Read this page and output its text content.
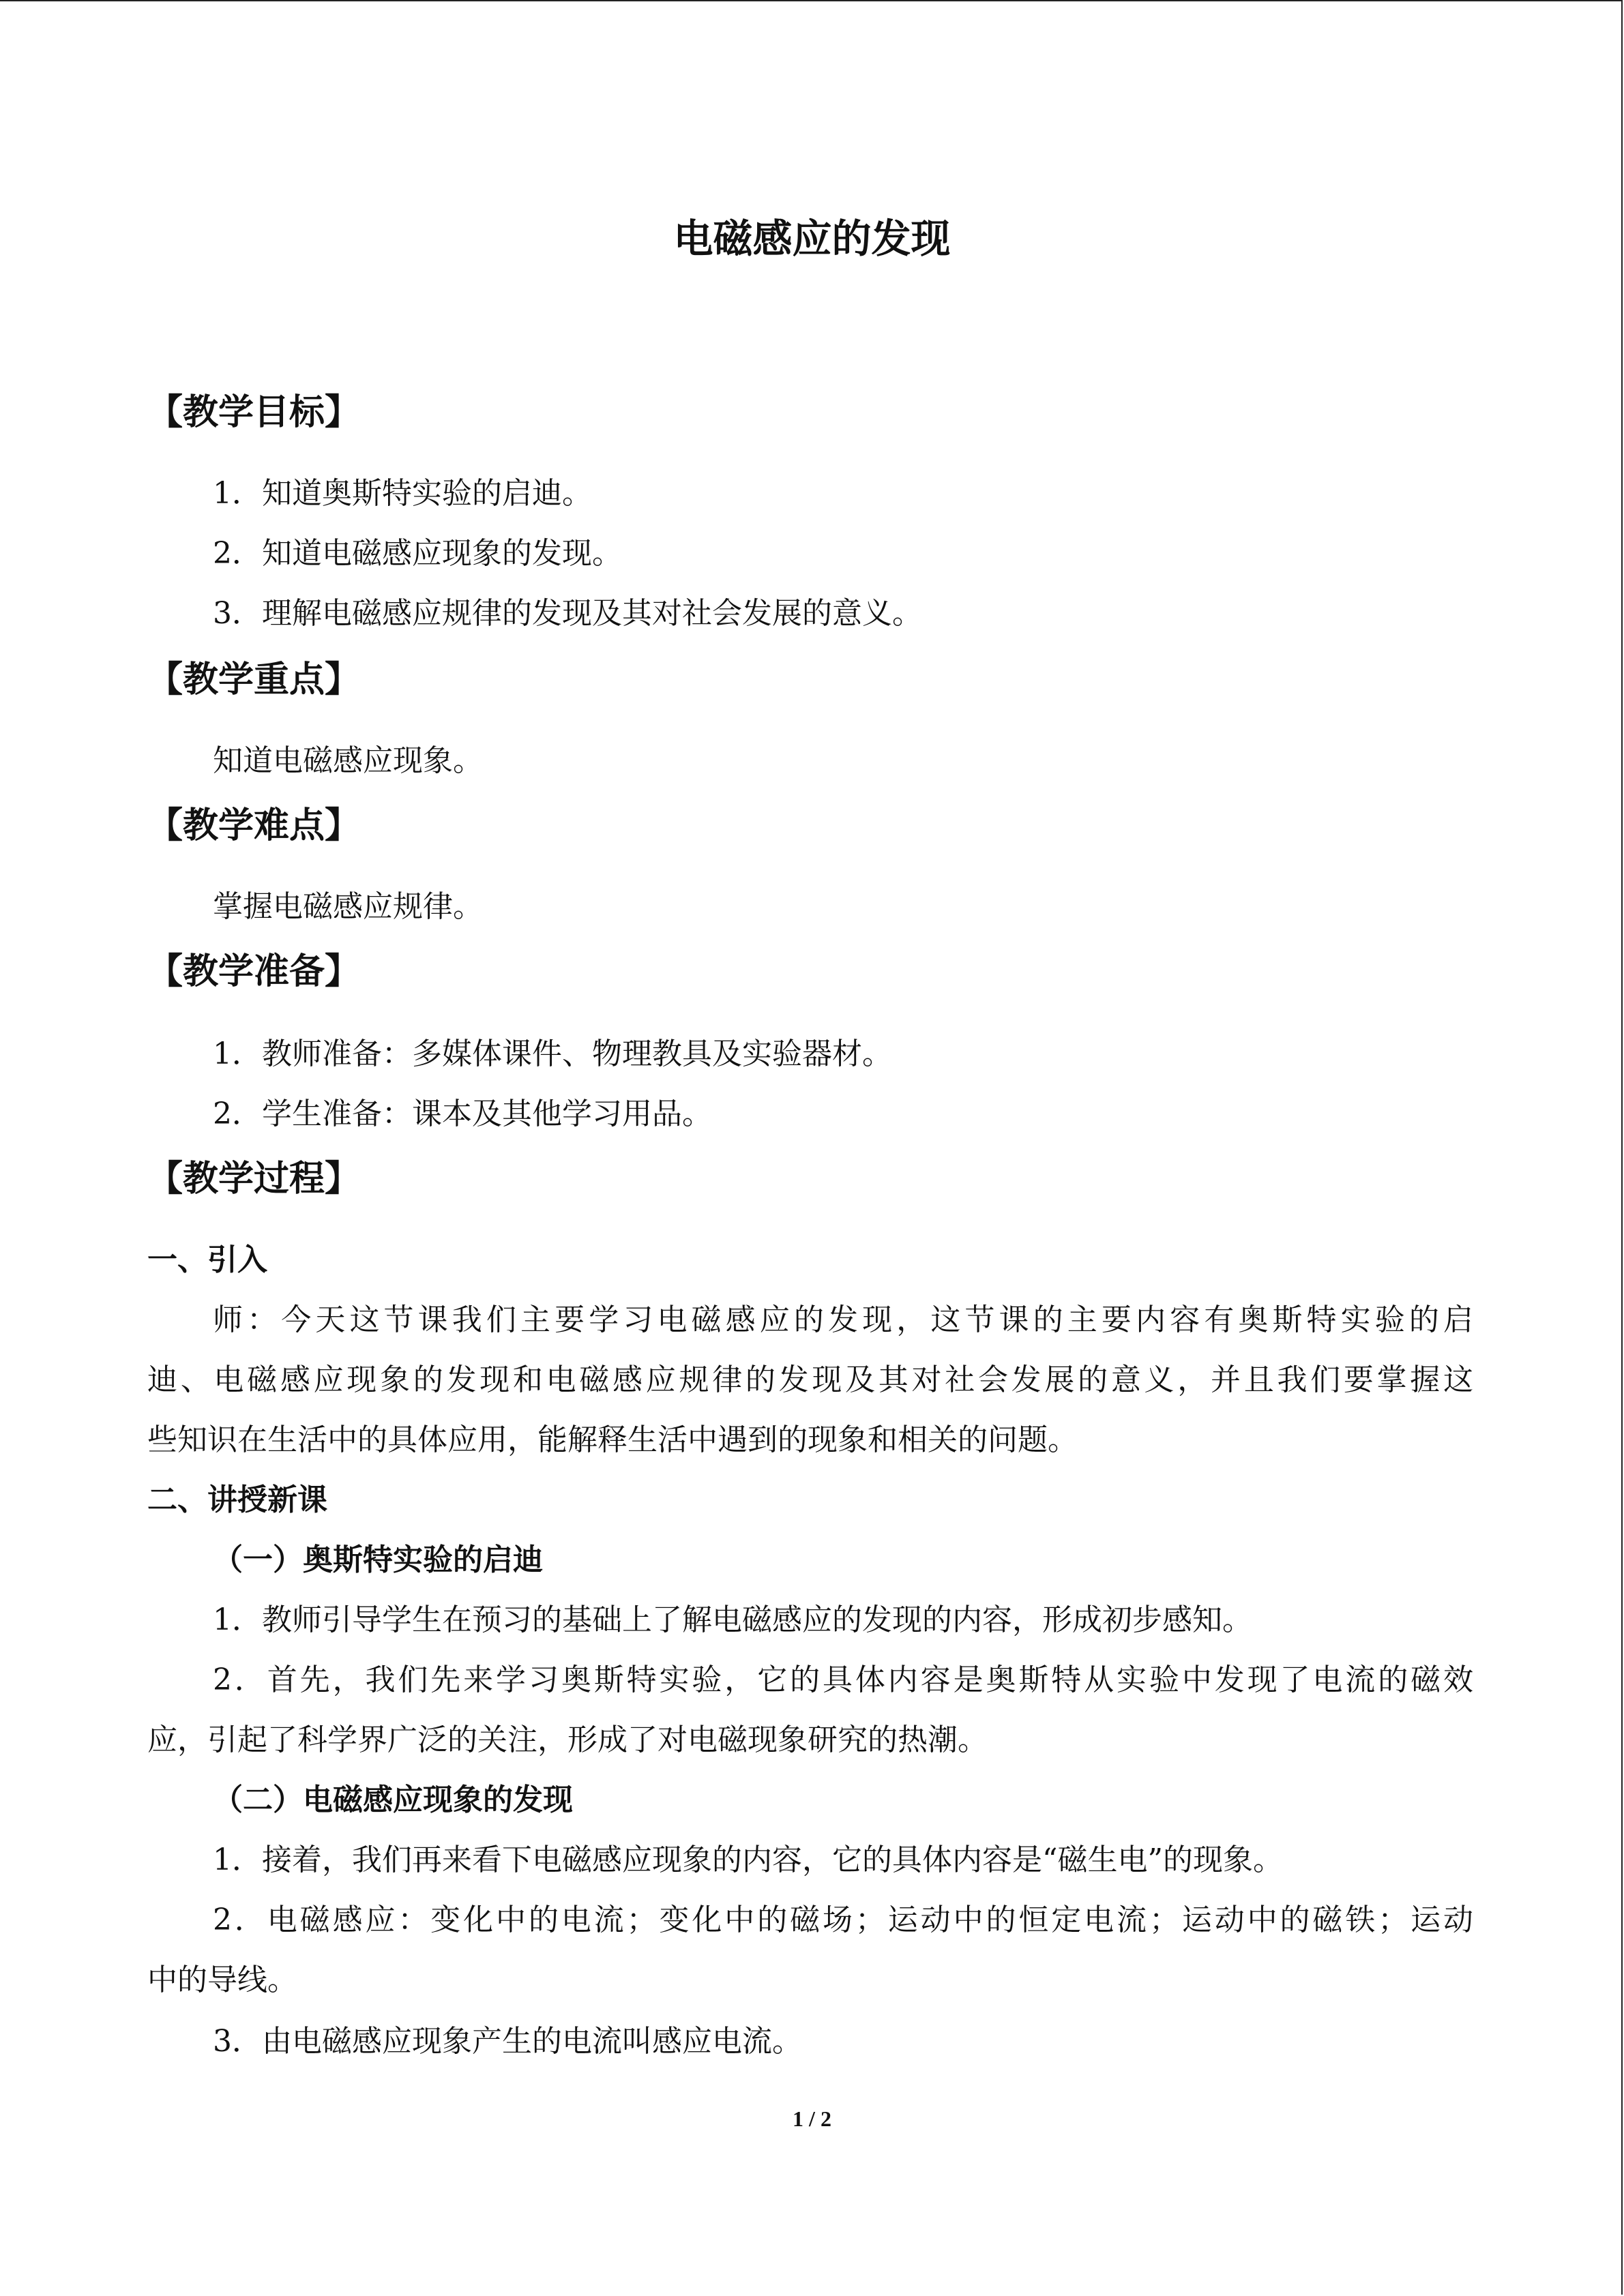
电磁感应的发现
【教学目标】

1．知道奥斯特实验的启迪。

2．知道电磁感应现象的发现。

3．理解电磁感应规律的发现及其对社会发展的意义。

【教学重点】

知道电磁感应现象。

【教学难点】

掌握电磁感应规律。

【教学准备】

1．教师准备：多媒体课件、物理教具及实验器材。

2．学生准备：课本及其他学习用品。

【教学过程】

一、引入

师：今天这节课我们主要学习电磁感应的发现，这节课的主要内容有奥斯特实验的启

迪、电磁感应现象的发现和电磁感应规律的发现及其对社会发展的意义，并且我们要掌握这

些知识在生活中的具体应用，能解释生活中遇到的现象和相关的问题。

二、讲授新课

（一）奥斯特实验的启迪

1．教师引导学生在预习的基础上了解电磁感应的发现的内容，形成初步感知。

2．首先，我们先来学习奥斯特实验，它的具体内容是奥斯特从实验中发现了电流的磁效

应，引起了科学界广泛的关注，形成了对电磁现象研究的热潮。

（二）电磁感应现象的发现

1．接着，我们再来看下电磁感应现象的内容，它的具体内容是“磁生电”的现象。

2．电磁感应：变化中的电流；变化中的磁场；运动中的恒定电流；运动中的磁铁；运动

中的导线。

3．由电磁感应现象产生的电流叫感应电流。

1 / 2
